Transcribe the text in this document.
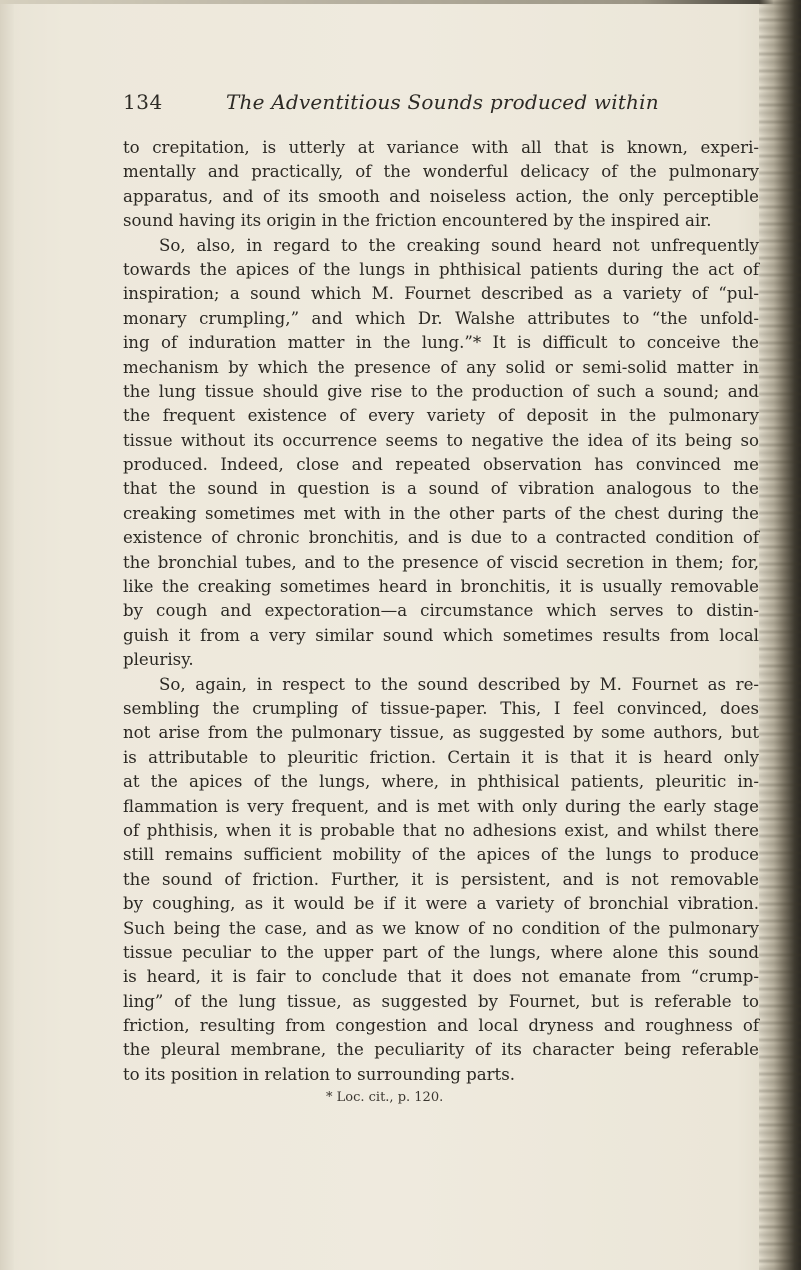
134	The Adventitious Sounds produced within
to crepitation, is utterly at variance with all that is known, experi-
mentally and practically, of the wonderful delicacy of the pulmonary
apparatus, and of its smooth and noiseless action, the only perceptible
sound having its origin in the friction encountered by the inspired air.
So, also, in regard to the creaking sound heard not unfrequently
towards the apices of the lungs in phthisical patients during the act of
inspiration; a sound which M. Fournet described as a variety of “pul-
monary crumpling,” and which Dr. Walshe attributes to “the unfold-
ing of induration matter in the lung.”* It is difficult to conceive the
mechanism by which the presence of any solid or semi-solid matter in
the lung tissue should give rise to the production of such a sound; and
the frequent existence of every variety of deposit in the pulmonary
tissue without its occurrence seems to negative the idea of its being so
produced. Indeed, close and repeated observation has convinced me
that the sound in question is a sound of vibration analogous to the
creaking sometimes met with in the other parts of the chest during the
existence of chronic bronchitis, and is due to a contracted condition of
the bronchial tubes, and to the presence of viscid secretion in them; for,
like the creaking sometimes heard in bronchitis, it is usually removable
by cough and expectoration—a circumstance which serves to distin-
guish it from a very similar sound which sometimes results from local
pleurisy.
So, again, in respect to the sound described by M. Fournet as re-
sembling the crumpling of tissue-paper. This, I feel convinced, does
not arise from the pulmonary tissue, as suggested by some authors, but
is attributable to pleuritic friction. Certain it is that it is heard only
at the apices of the lungs, where, in phthisical patients, pleuritic in-
flammation is very frequent, and is met with only during the early stage
of phthisis, when it is probable that no adhesions exist, and whilst there
still remains sufficient mobility of the apices of the lungs to produce
the sound of friction. Further, it is persistent, and is not removable
by coughing, as it would be if it were a variety of bronchial vibration.
Such being the case, and as we know of no condition of the pulmonary
tissue peculiar to the upper part of the lungs, where alone this sound
is heard, it is fair to conclude that it does not emanate from “crump-
ling” of the lung tissue, as suggested by Fournet, but is referable to
friction, resulting from congestion and local dryness and roughness of
the pleural membrane, the peculiarity of its character being referable
to its position in relation to surrounding parts.
* Loc. cit., p. 120.
